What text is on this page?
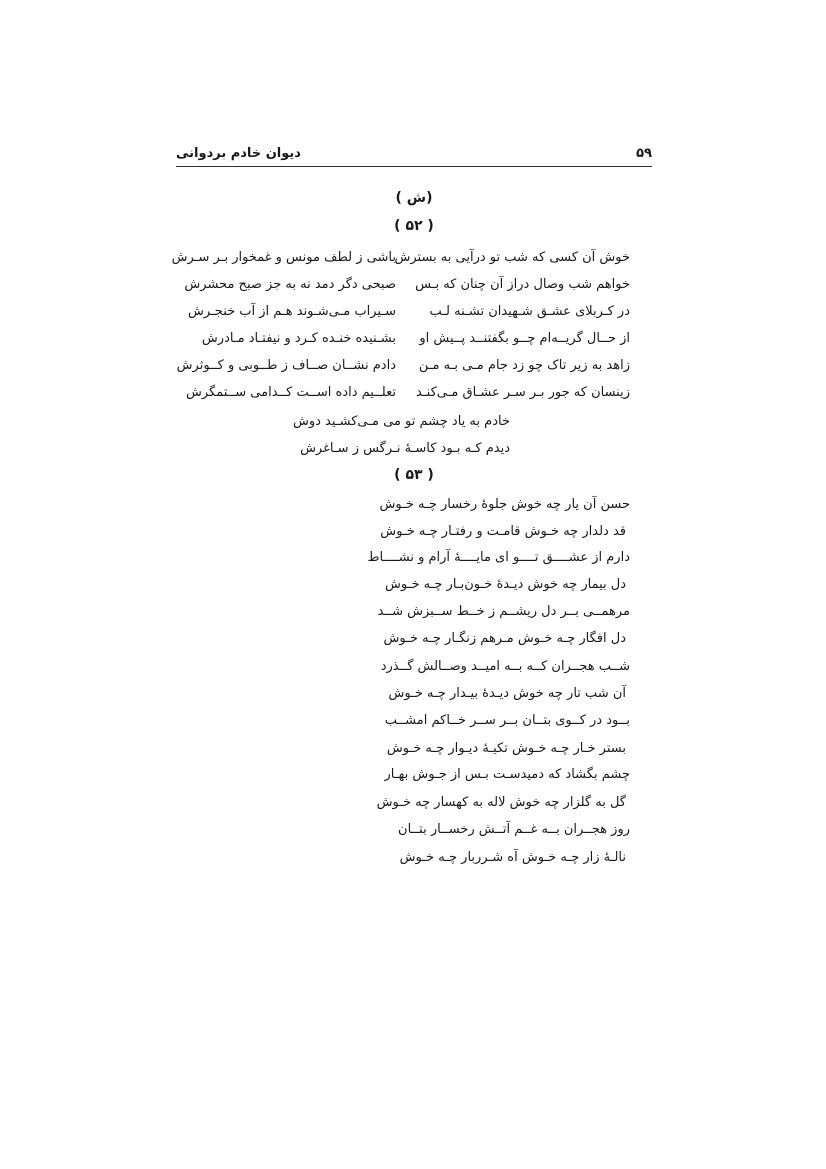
دیوان خادم بردوانی	۵۹
(ش )
( ۵۲ )
خوش آن کسی که شب تو درآیی به بسترش
باشی ز لطف مونس و غمخوار بـر سـرش
خواهم شب وصال دراز آن چنان که بـس
صبحی دگر دمد نه به جز صبح محشرش
در کـربلای عشـق شـهیدان تشـنه لـب
سـیراب مـی‌شـوند هـم از آب خنجـرش
از حــال گریــه‌ام چــو بگفتنــد پــیش او
بشـنیده خنـده کـرد و نیفتـاد مـادرش
زاهد به زیر تاک چو زد جام مـی بـه مـن
دادم نشــان صــاف ز طــوبی و کــوثرش
زینسان که جور بـر سـر عشـاق مـی‌کنـد
تعلــیم داده اســت کــدامی ســتمگرش
خادم به یاد چشم تو می مـی‌کشـید دوش
دیدم کـه بـود کاسـهٔ نـرگس ز سـاغرش
( ۵۳ )
حسن آن یار چه خوش جلوهٔ رخسار چـه خـوش
قد دلدار چه خـوش قامـت و رفتـار چـه خـوش
دارم از عشــــق تــــو ای مایــــهٔ آرام و نشــــاط
دل بیمار چه خوش دیـدهٔ خـون‌بـار چـه خـوش
مرهمــی بــر دل ریشــم ز خــط ســبزش شــد
دل افگار چـه خـوش مـرهم زنگـار چـه خـوش
شــب هجــران کــه بــه امیــد وصــالش گــذرد
آن شب تار چه خوش دیـدهٔ بیـدار چـه خـوش
بــود در کــوی بتــان بــر ســر خــاکم امشــب
بستر خـار چـه خـوش تکیـهٔ دیـوار چـه خـوش
چشم بگشاد که دمیدسـت بـس از جـوش بهـار
گل به گلزار چه خوش لاله به کهسار چه خـوش
روز هجــران بــه غــم آتــش رخســار بتــان
نالـهٔ زار چـه خـوش آه شـرربار چـه خـوش
